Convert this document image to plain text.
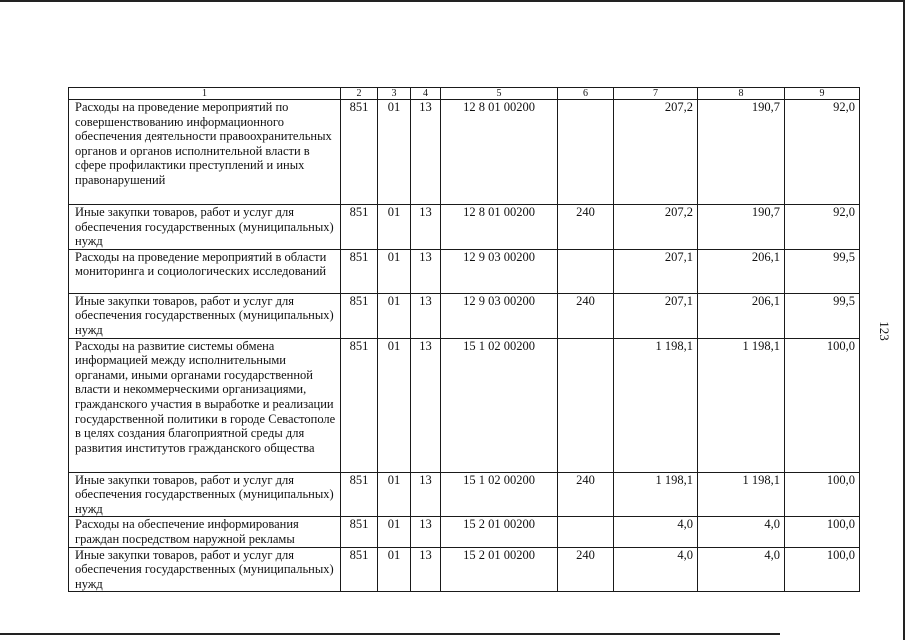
123
1	2	3	4	5	6	7	8	9
Расходы на проведение мероприятий по совершенствованию информационного обеспечения деятельности правоохранительных органов и органов исполнительной власти в сфере профилактики преступлений и иных правонарушений	851	01	13	12 8 01 00200		207,2	190,7	92,0
Иные закупки товаров, работ и услуг для обеспечения государственных (муниципальных) нужд	851	01	13	12 8 01 00200	240	207,2	190,7	92,0
Расходы на проведение мероприятий в области мониторинга и социологических исследований	851	01	13	12 9 03 00200		207,1	206,1	99,5
Иные закупки товаров, работ и услуг для обеспечения государственных (муниципальных) нужд	851	01	13	12 9 03 00200	240	207,1	206,1	99,5
Расходы на развитие системы обмена информацией между исполнительными органами, иными органами государственной власти и некоммерческими организациями, гражданского участия в выработке и реализации государственной политики в городе Севастополе в целях создания благоприятной среды для развития институтов гражданского общества	851	01	13	15 1 02 00200		1 198,1	1 198,1	100,0
Иные закупки товаров, работ и услуг для обеспечения государственных (муниципальных) нужд	851	01	13	15 1 02 00200	240	1 198,1	1 198,1	100,0
Расходы на обеспечение информирования граждан посредством наружной рекламы	851	01	13	15 2 01 00200		4,0	4,0	100,0
Иные закупки товаров, работ и услуг для обеспечения государственных (муниципальных) нужд	851	01	13	15 2 01 00200	240	4,0	4,0	100,0
